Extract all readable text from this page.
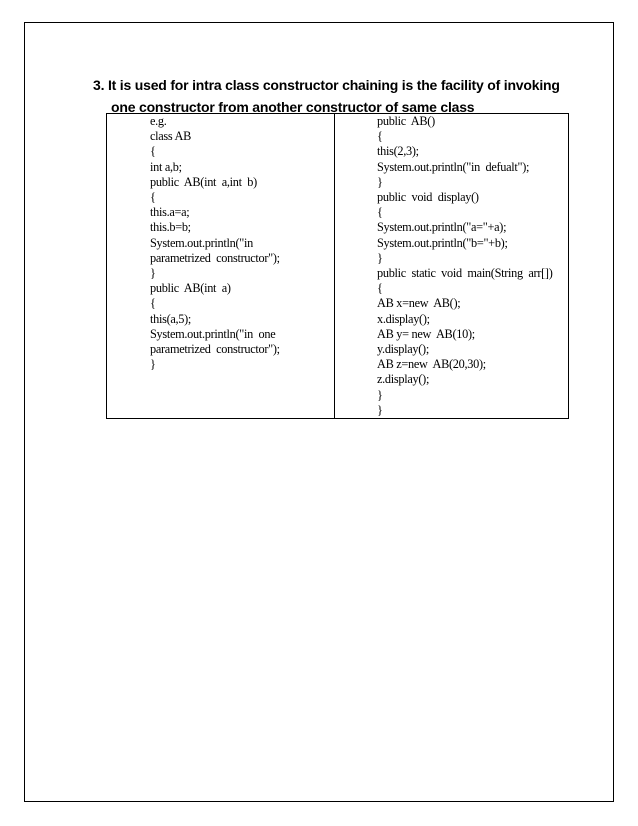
3. It is used for intra class constructor chaining is the facility of invoking
one constructor from another constructor of same class
e.g.
class AB
{
int a,b;
public  AB(int  a,int  b)
{
this.a=a;
this.b=b;
System.out.println("in
parametrized  constructor");
}
public  AB(int  a)
{
this(a,5);
System.out.println("in  one
parametrized  constructor");
}
public  AB()
{
this(2,3);
System.out.println("in  defualt");
}
public  void  display()
{
System.out.println("a="+a);
System.out.println("b="+b);
}
public  static  void  main(String  arr[])
{
AB x=new  AB();
x.display();
AB y= new  AB(10);
y.display();
AB z=new  AB(20,30);
z.display();
}
}
